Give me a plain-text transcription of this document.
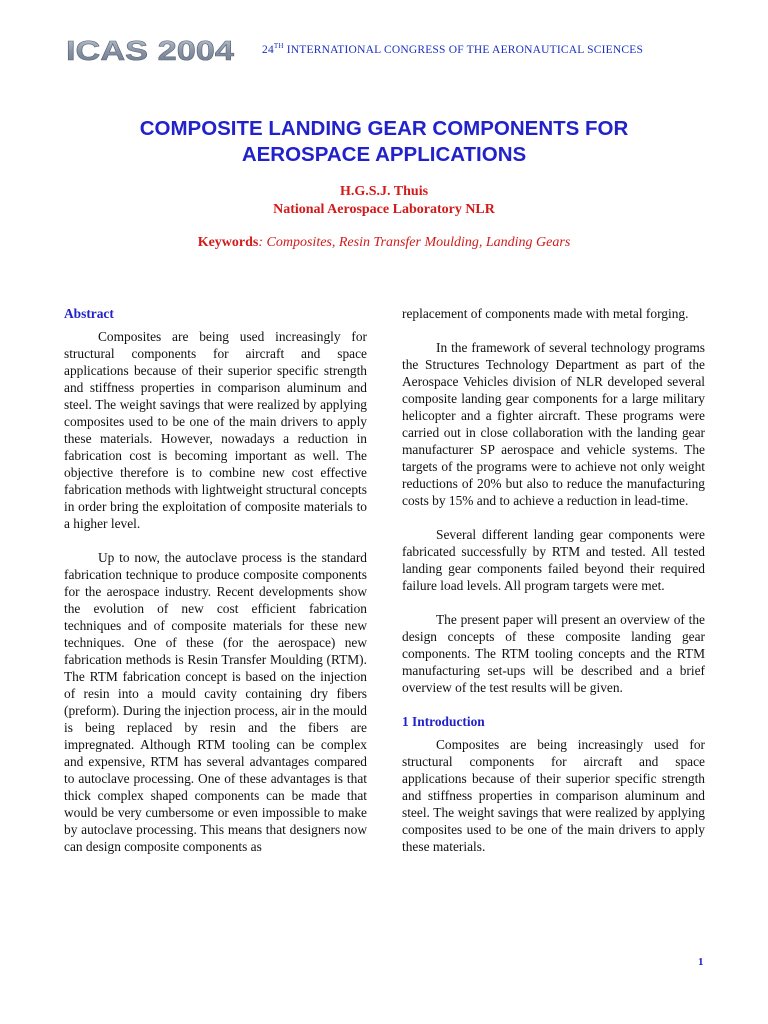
ICAS 2004 24TH INTERNATIONAL CONGRESS OF THE AERONAUTICAL SCIENCES
COMPOSITE LANDING GEAR COMPONENTS FOR
AEROSPACE APPLICATIONS
H.G.S.J. Thuis
National Aerospace Laboratory NLR
Keywords: Composites, Resin Transfer Moulding, Landing Gears
Abstract

Composites are being used increasingly for structural components for aircraft and space applications because of their superior specific strength and stiffness properties in comparison aluminum and steel. The weight savings that were realized by applying composites used to be one of the main drivers to apply these materials. However, nowadays a reduction in fabrication cost is becoming important as well. The objective therefore is to combine new cost effective fabrication methods with lightweight structural concepts in order bring the exploitation of composite materials to a higher level.

Up to now, the autoclave process is the standard fabrication technique to produce composite components for the aerospace industry. Recent developments show the evolution of new cost efficient fabrication techniques and of composite materials for these new techniques. One of these (for the aerospace) new fabrication methods is Resin Transfer Moulding (RTM). The RTM fabrication concept is based on the injection of resin into a mould cavity containing dry fibers (preform). During the injection process, air in the mould is being replaced by resin and the fibers are impregnated. Although RTM tooling can be complex and expensive, RTM has several advantages compared to autoclave processing. One of these advantages is that thick complex shaped components can be made that would be very cumbersome or even impossible to make by autoclave processing. This means that designers now can design composite components as

replacement of components made with metal forging.

In the framework of several technology programs the Structures Technology Department as part of the Aerospace Vehicles division of NLR developed several composite landing gear components for a large military helicopter and a fighter aircraft. These programs were carried out in close collaboration with the landing gear manufacturer SP aerospace and vehicle systems. The targets of the programs were to achieve not only weight reductions of 20% but also to reduce the manufacturing costs by 15% and to achieve a reduction in lead-time.

Several different landing gear components were fabricated successfully by RTM and tested. All tested landing gear components failed beyond their required failure load levels. All program targets were met.

The present paper will present an overview of the design concepts of these composite landing gear components. The RTM tooling concepts and the RTM manufacturing set-ups will be described and a brief overview of the test results will be given.

1 Introduction

Composites are being increasingly used for structural components for aircraft and space applications because of their superior specific strength and stiffness properties in comparison aluminum and steel. The weight savings that were realized by applying composites used to be one of the main drivers to apply these materials.

1
